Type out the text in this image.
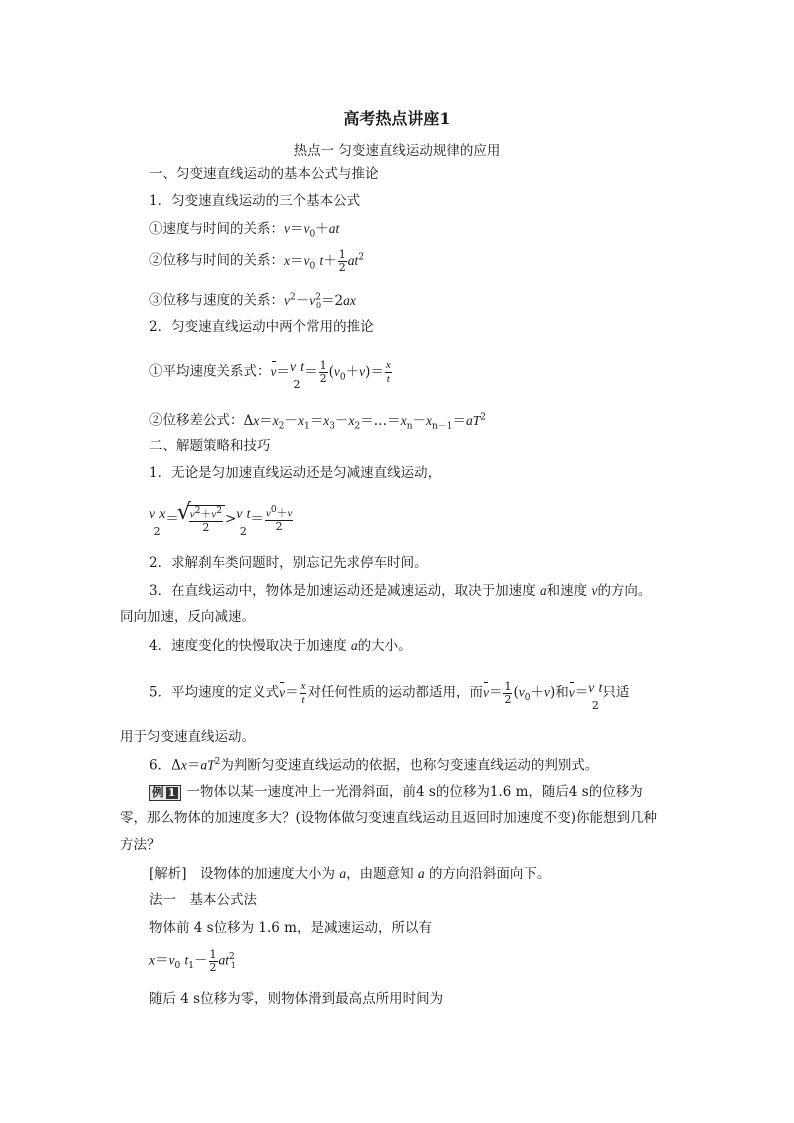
高考热点讲座1
热点一 匀变速直线运动规律的应用
一、匀变速直线运动的基本公式与推论
1．匀变速直线运动的三个基本公式
①速度与时间的关系：$v=v_0+at$
②位移与时间的关系：$x=v_0$ $t+ \frac{1}{2} at^2$
③位移与速度的关系：$v^2-v^2_0=2ax$
2．匀变速直线运动中两个常用的推论
①平均速度关系式：v＝ v t
2
＝ $\frac{1}{2} (v_0+v)= \frac{x}{t}$
②位移差公式：$\Delta x=x_2-x_1=x_3-x_2=\dots=x_n-x_{n-1}=aT^2$
二、解题策略和技巧
1．无论是匀加速直线运动还是匀减速直线运动，
v x
2
＝
√ $\frac{v^2+v^2}{2} > v$ t
2
＝ $\frac{v^0+v}{2}$
2．求解刹车类问题时，别忘记先求停车时间。
3．在直线运动中，物体是加速运动还是减速运动，取决于加速度 a和速度 v的方向。
同向加速，反向减速。
4．速度变化的快慢取决于加速度 a的大小。
5．平均速度的定义式$v= \frac{x}{t}$ 对任何性质的运动都适用，而$v= \frac{1}{2} (v_0+v)$和v＝ v t
2
只适
用于匀变速直线运动。
6．$\Delta x=aT^2$为判断匀变速直线运动的依据，也称匀变速直线运动的判别式。
例 1 一物体以某一速度冲上一光滑斜面，前4 s的位移为1.6 m，随后4 s的位移为
零，那么物体的加速度多大？(设物体做匀变速直线运动且返回时加速度不变)你能想到几种
方法？
[解析]　设物体的加速度大小为 a，由题意知 a 的方向沿斜面向下。
法一　基本公式法
物体前 4 s位移为 1.6 m，是减速运动，所以有
$x=v_0$ $t_1- \frac{1}{2} at^2_1$
随后 4 s位移为零，则物体滑到最高点所用时间为
